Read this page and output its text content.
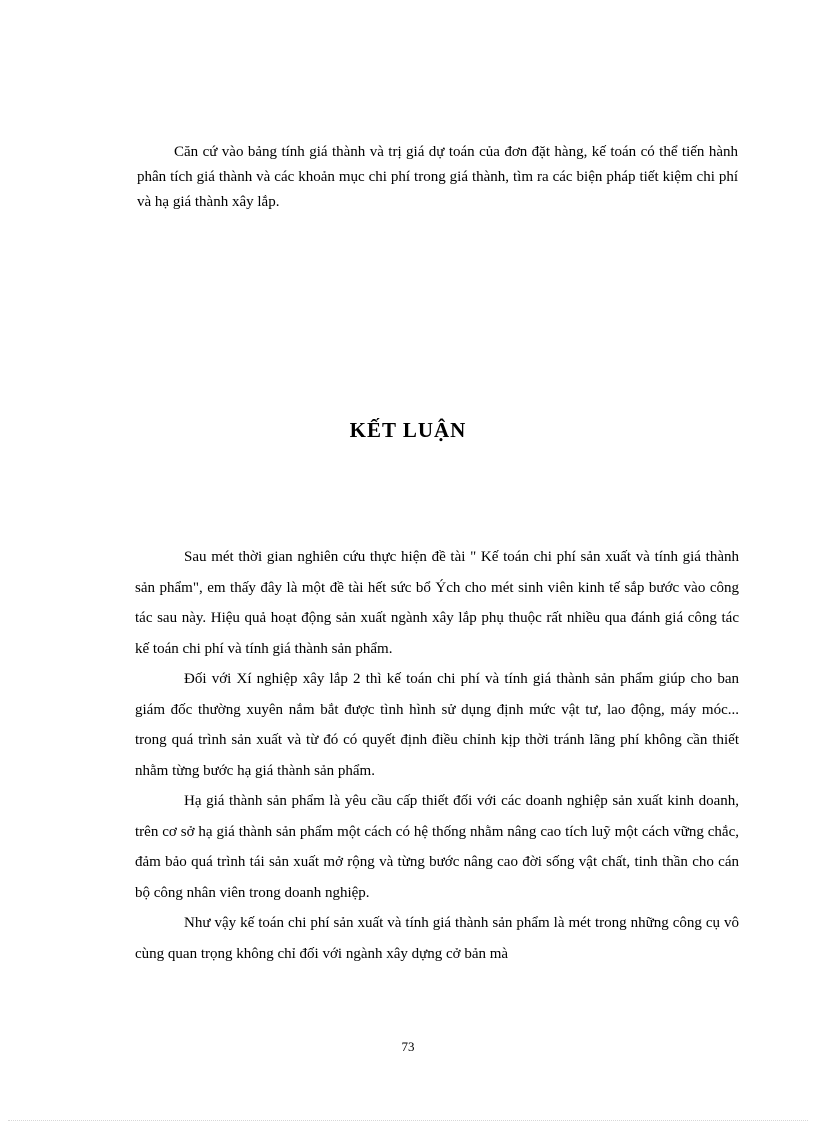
Căn cứ vào bảng tính giá thành và trị giá dự toán của đơn đặt hàng, kế toán có thể tiến hành phân tích giá thành và các khoản mục chi phí trong giá thành, tìm ra các biện pháp tiết kiệm chi phí và hạ giá thành xây lắp.

KẾT LUẬN

Sau mét thời gian nghiên cứu thực hiện đề tài " Kế toán chi phí sản xuất và tính giá thành sản phẩm", em thấy đây là một đề tài hết sức bổ Ých cho mét sinh viên kinh tế sắp bước vào công tác sau này. Hiệu quả hoạt động sản xuất ngành xây lắp phụ thuộc rất nhiều qua đánh giá công tác kế toán chi phí và tính giá thành sản phẩm.

Đối với Xí nghiệp xây lắp 2 thì kế toán chi phí và tính giá thành sản phẩm giúp cho ban giám đốc thường xuyên nắm bắt được tình hình sử dụng định mức vật tư, lao động, máy móc... trong quá trình sản xuất và từ đó có quyết định điều chỉnh kịp thời tránh lãng phí không cần thiết nhằm từng bước hạ giá thành sản phẩm.

Hạ giá thành sản phẩm là yêu cầu cấp thiết đối với các doanh nghiệp sản xuất kinh doanh, trên cơ sở hạ giá thành sản phẩm một cách có hệ thống nhằm nâng cao tích luỹ một cách vững chắc, đảm bảo quá trình tái sản xuất mở rộng và từng bước nâng cao đời sống vật chất, tinh thần cho cán bộ công nhân viên trong doanh nghiệp.

Như vậy kế toán chi phí sản xuất và tính giá thành sản phẩm là mét trong những công cụ vô cùng quan trọng không chỉ đối với ngành xây dựng cở bản mà

73
